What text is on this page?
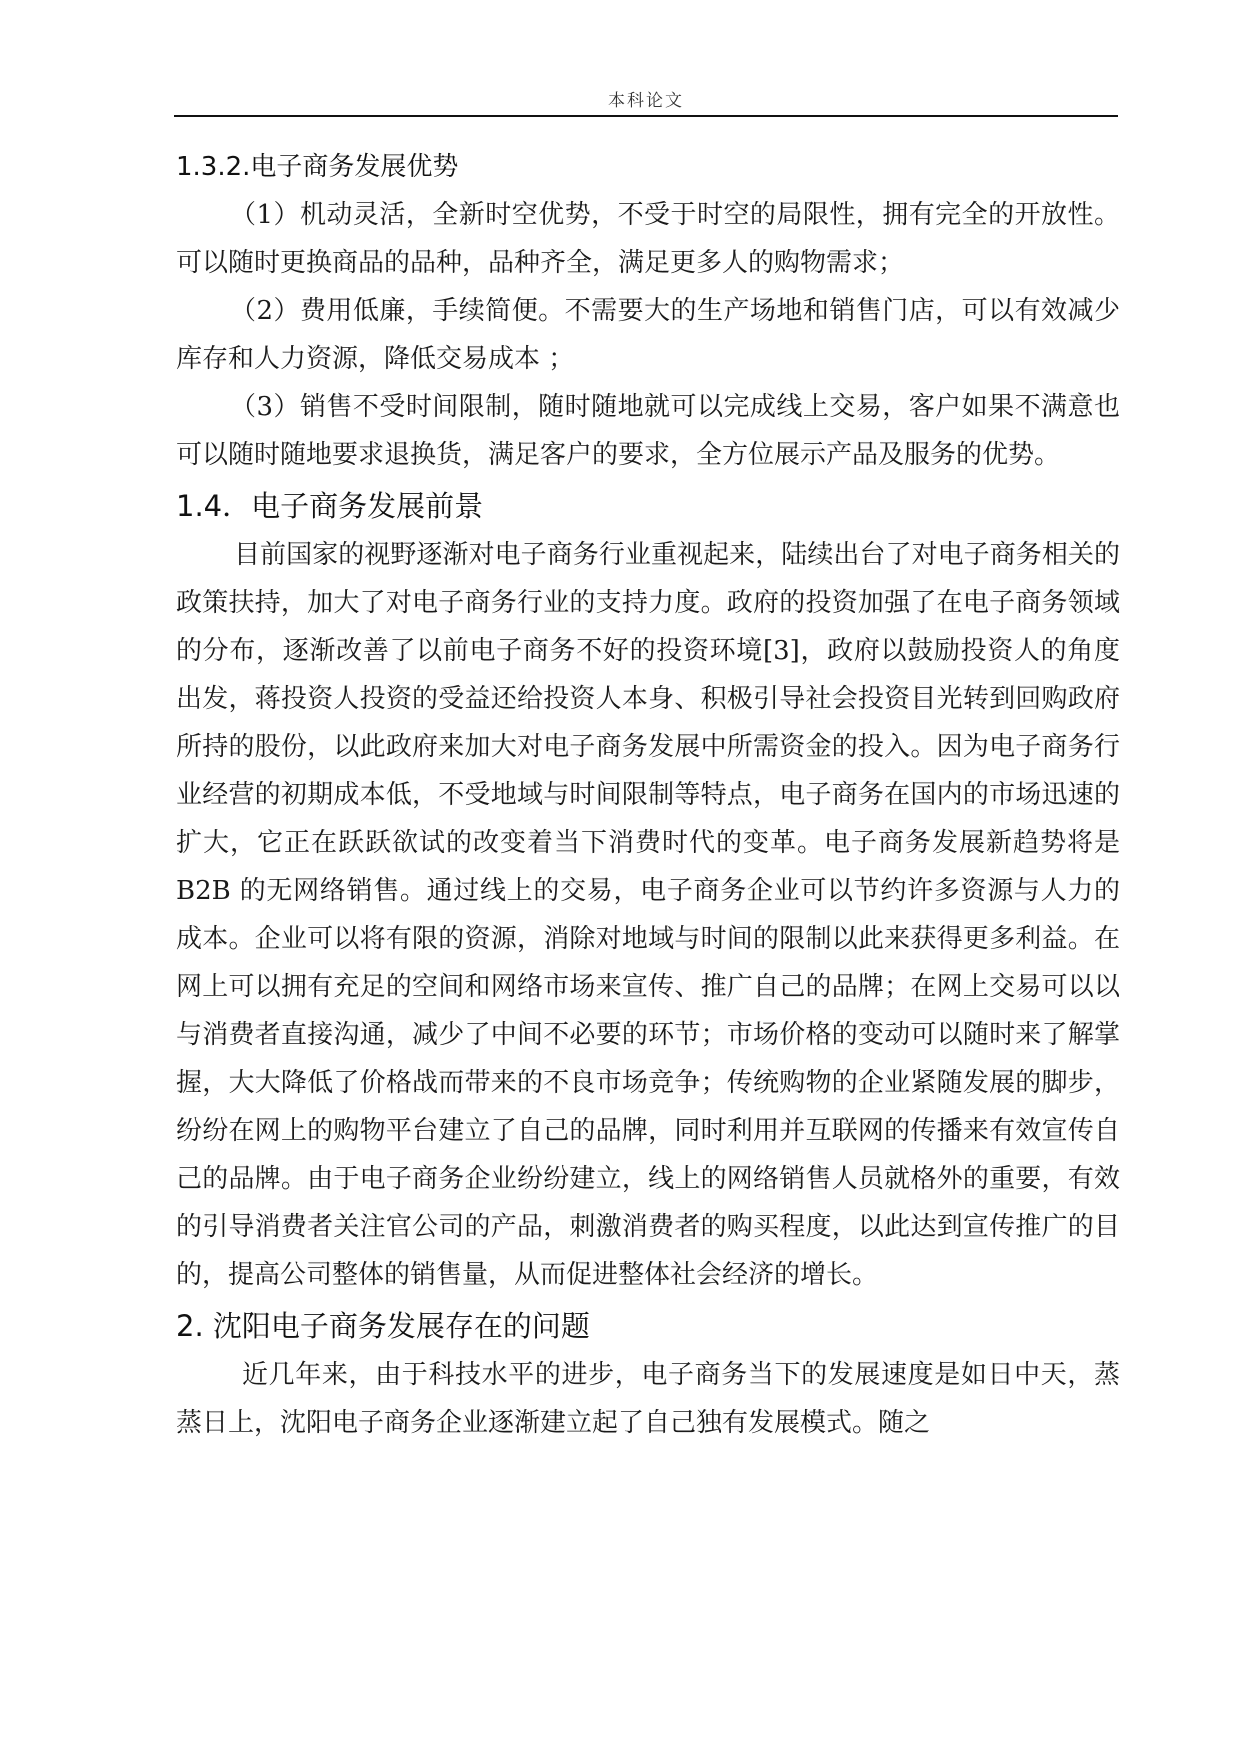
本科论文
1.3.2.电子商务发展优势

（1）机动灵活，全新时空优势，不受于时空的局限性，拥有完全的开放性。可以随时更换商品的品种，品种齐全，满足更多人的购物需求；

（2）费用低廉，手续简便。不需要大的生产场地和销售门店，可以有效减少库存和人力资源，降低交易成本 ；

（3）销售不受时间限制，随时随地就可以完成线上交易，客户如果不满意也可以随时随地要求退换货，满足客户的要求，全方位展示产品及服务的优势。

1.4．电子商务发展前景

目前国家的视野逐渐对电子商务行业重视起来，陆续出台了对电子商务相关的政策扶持，加大了对电子商务行业的支持力度。政府的投资加强了在电子商务领域的分布，逐渐改善了以前电子商务不好的投资环境[3]，政府以鼓励投资人的角度出发，蒋投资人投资的受益还给投资人本身、积极引导社会投资目光转到回购政府所持的股份，以此政府来加大对电子商务发展中所需资金的投入。因为电子商务行业经营的初期成本低，不受地域与时间限制等特点，电子商务在国内的市场迅速的扩大，它正在跃跃欲试的改变着当下消费时代的变革。电子商务发展新趋势将是 B2B 的无网络销售。通过线上的交易，电子商务企业可以节约许多资源与人力的成本。企业可以将有限的资源，消除对地域与时间的限制以此来获得更多利益。在网上可以拥有充足的空间和网络市场来宣传、推广自己的品牌；在网上交易可以以与消费者直接沟通，减少了中间不必要的环节；市场价格的变动可以随时来了解掌握，大大降低了价格战而带来的不良市场竞争；传统购物的企业紧随发展的脚步，纷纷在网上的购物平台建立了自己的品牌，同时利用并互联网的传播来有效宣传自己的品牌。由于电子商务企业纷纷建立，线上的网络销售人员就格外的重要，有效的引导消费者关注官公司的产品，刺激消费者的购买程度，以此达到宣传推广的目的，提高公司整体的销售量，从而促进整体社会经济的增长。

2. 沈阳电子商务发展存在的问题

近几年来，由于科技水平的进步，电子商务当下的发展速度是如日中天，蒸蒸日上，沈阳电子商务企业逐渐建立起了自己独有发展模式。随之
